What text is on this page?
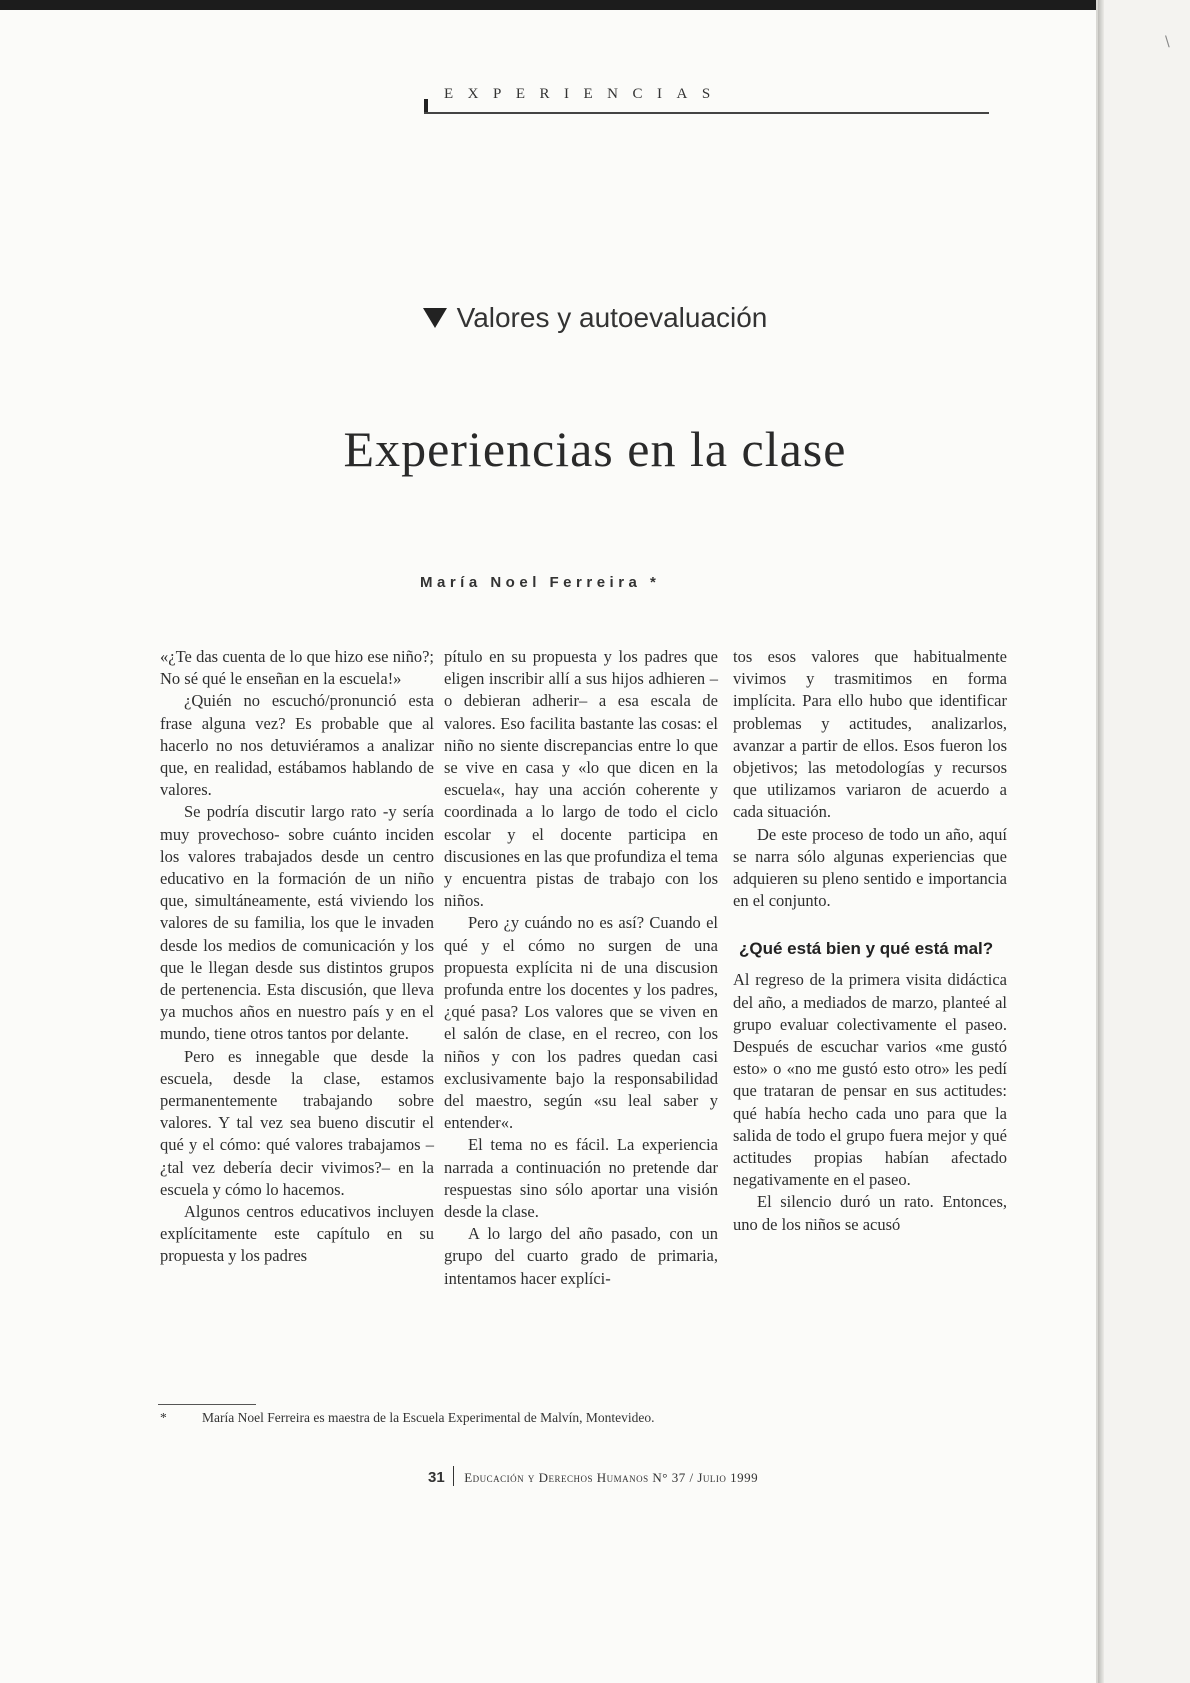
\
EXPERIENCIAS
Valores y autoevaluación
Experiencias en la clase
María Noel Ferreira *

«¿Te das cuenta de lo que hizo ese niño?; No sé qué le enseñan en la escuela!»

¿Quién no escuchó/pronunció esta frase alguna vez? Es probable que al hacerlo no nos detuviéramos a analizar que, en realidad, estábamos hablando de valores.

Se podría discutir largo rato -y sería muy provechoso- sobre cuánto inciden los valores trabajados desde un centro educativo en la formación de un niño que, simultáneamente, está viviendo los valores de su familia, los que le invaden desde los medios de comunicación y los que le llegan desde sus distintos grupos de pertenencia. Esta discusión, que lleva ya muchos años en nuestro país y en el mundo, tiene otros tantos por delante.

Pero es innegable que desde la escuela, desde la clase, estamos permanentemente trabajando sobre valores. Y tal vez sea bueno discutir el qué y el cómo: qué valores trabajamos –¿tal vez debería decir vivimos?– en la escuela y cómo lo hacemos.

Algunos centros educativos incluyen explícitamente este capítulo en su propuesta y los padres

pítulo en su propuesta y los padres que eligen inscribir allí a sus hijos adhieren –o debieran adherir– a esa escala de valores. Eso facilita bastante las cosas: el niño no siente discrepancias entre lo que se vive en casa y «lo que dicen en la escuela«, hay una acción coherente y coordinada a lo largo de todo el ciclo escolar y el docente participa en discusiones en las que profundiza el tema y encuentra pistas de trabajo con los niños.

Pero ¿y cuándo no es así? Cuando el qué y el cómo no surgen de una propuesta explícita ni de una discusion profunda entre los docentes y los padres, ¿qué pasa? Los valores que se viven en el salón de clase, en el recreo, con los niños y con los padres quedan casi exclusivamente bajo la responsabilidad del maestro, según «su leal saber y entender«.

El tema no es fácil. La experiencia narrada a continuación no pretende dar respuestas sino sólo aportar una visión desde la clase.

A lo largo del año pasado, con un grupo del cuarto grado de primaria, intentamos hacer explíci-

tos esos valores que habitualmente vivimos y trasmitimos en forma implícita. Para ello hubo que identificar problemas y actitudes, analizarlos, avanzar a partir de ellos. Esos fueron los objetivos; las metodologías y recursos que utilizamos variaron de acuerdo a cada situación.

De este proceso de todo un año, aquí se narra sólo algunas experiencias que adquieren su pleno sentido e importancia en el conjunto.

¿Qué está bien y qué está mal?

Al regreso de la primera visita didáctica del año, a mediados de marzo, planteé al grupo evaluar colectivamente el paseo. Después de escuchar varios «me gustó esto» o «no me gustó esto otro» les pedí que trataran de pensar en sus actitudes: qué había hecho cada uno para que la salida de todo el grupo fuera mejor y qué actitudes propias habían afectado negativamente en el paseo.

El silencio duró un rato. Entonces, uno de los niños se acusó

*	María Noel Ferreira es maestra de la Escuela Experimental de Malvín, Montevideo.
31 Educación y Derechos Humanos N° 37 / Julio 1999
